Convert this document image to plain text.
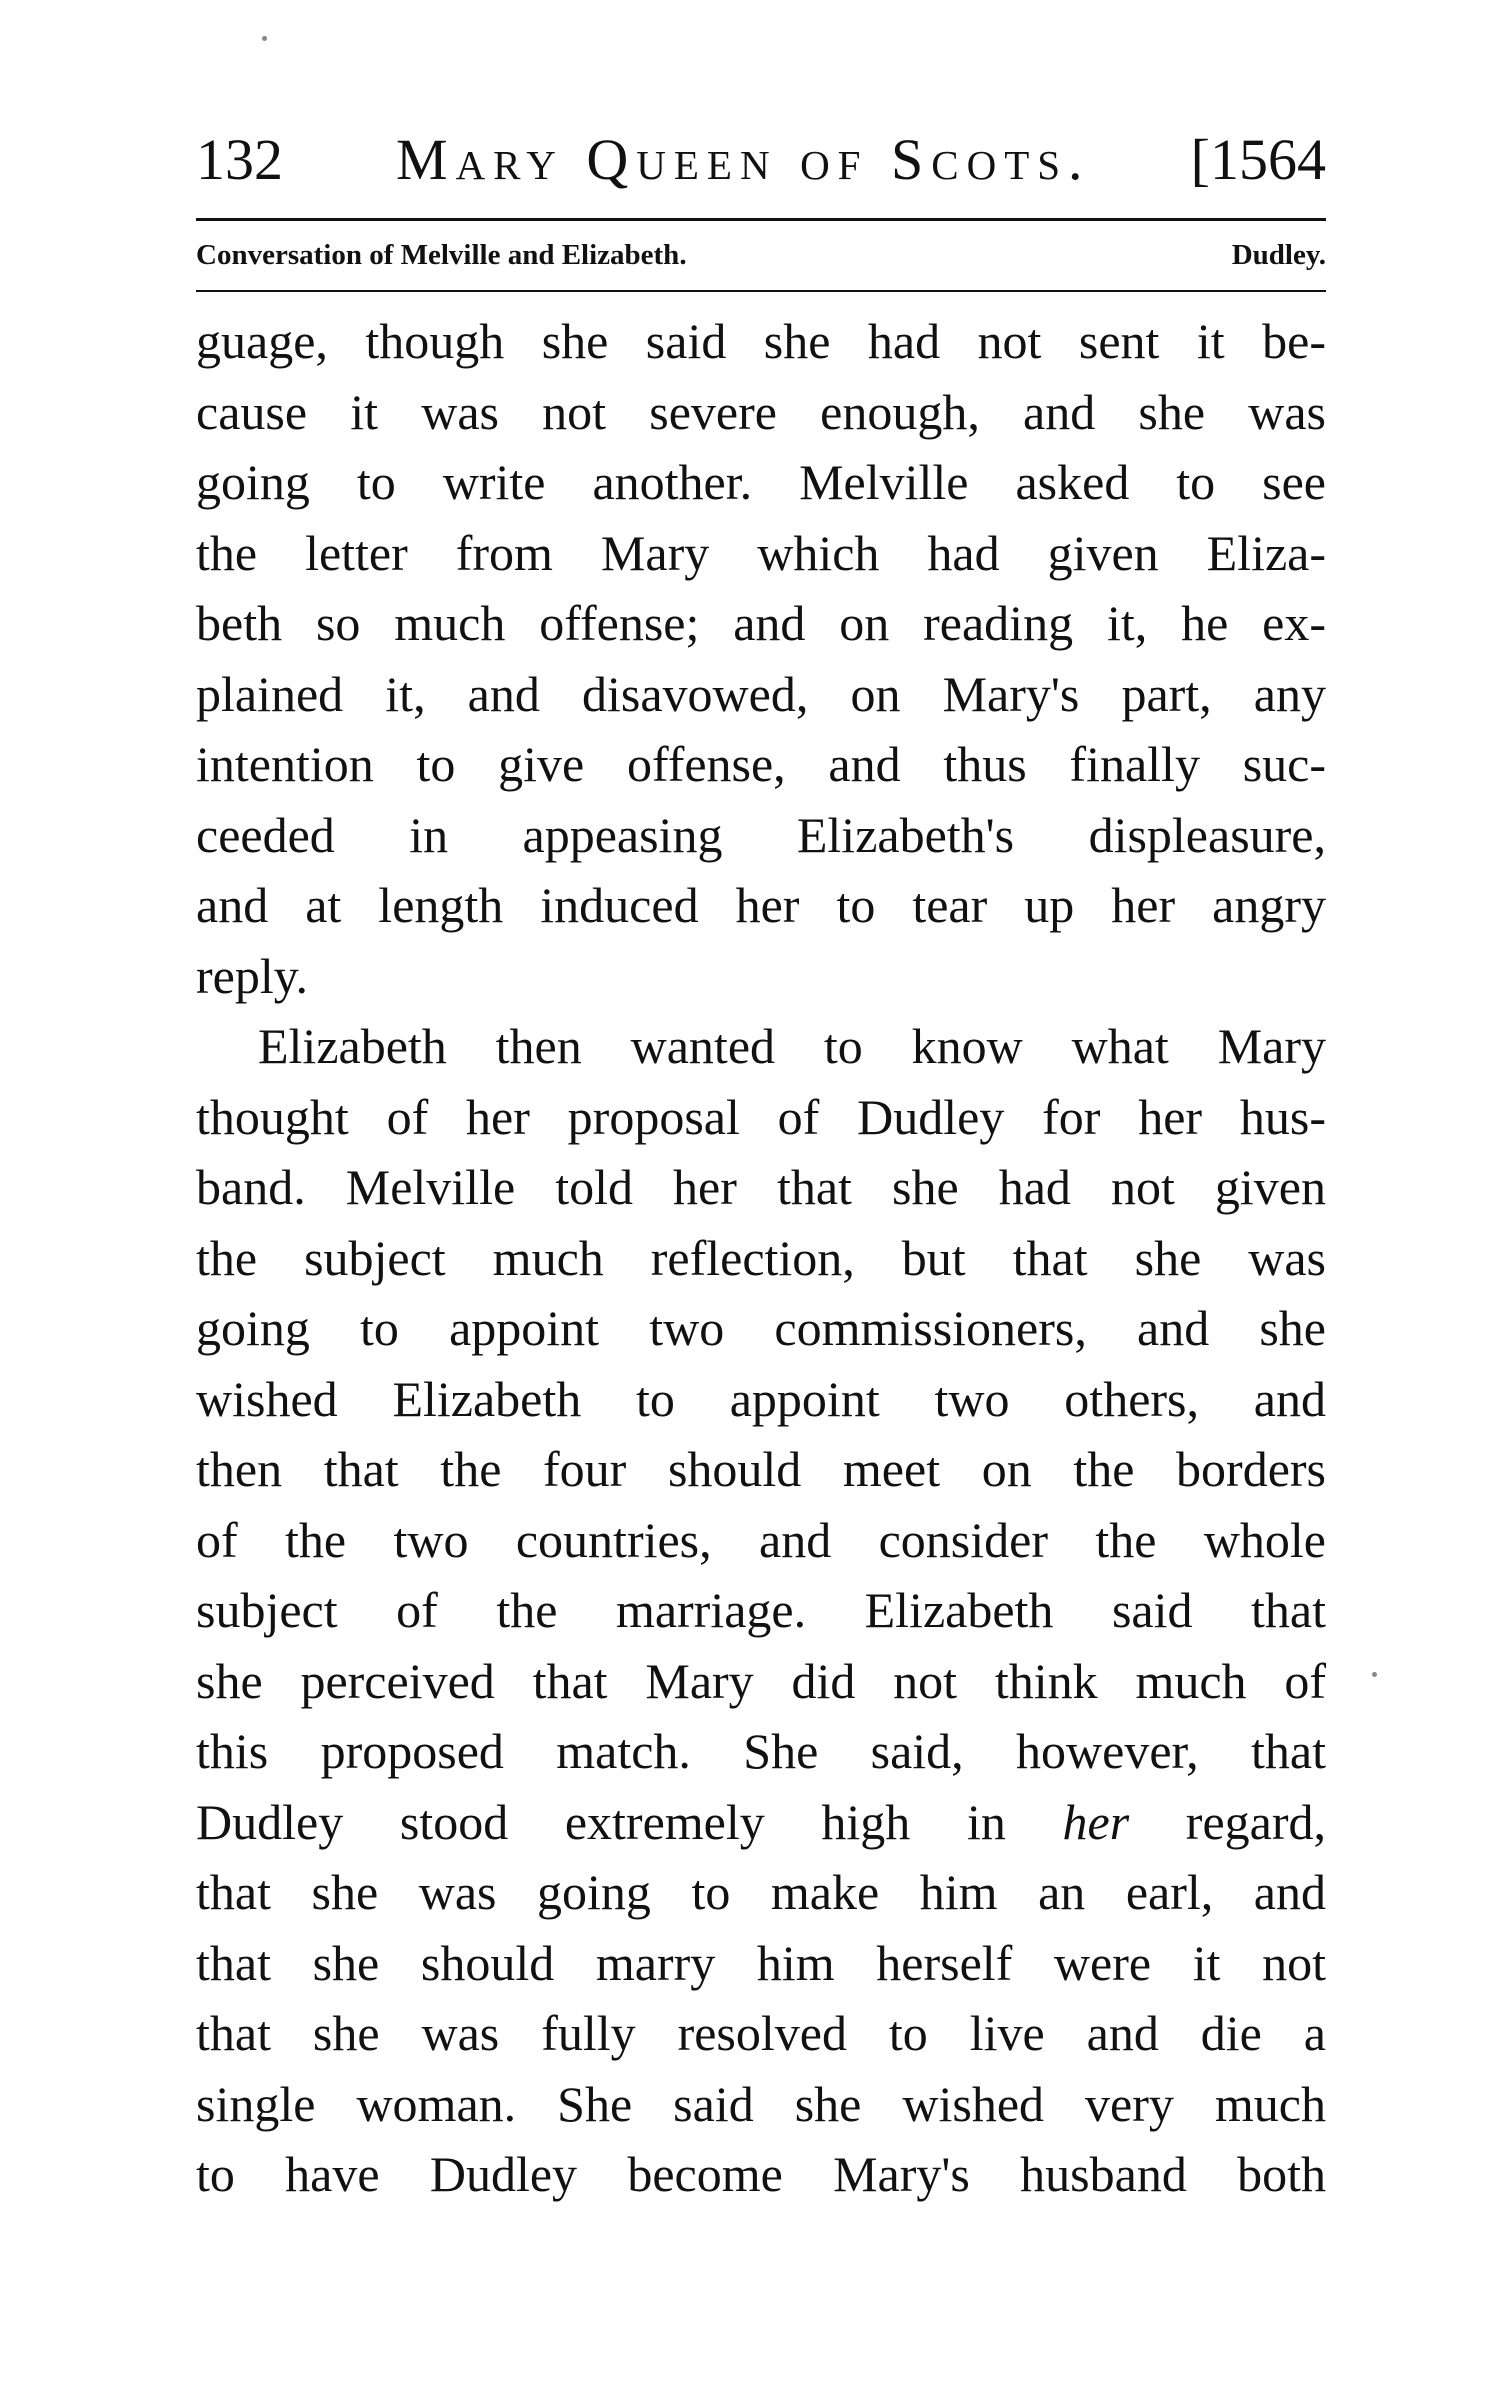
132 Mary Queen of Scots. [1564
Conversation of Melville and Elizabeth.	Dudley.
guage, though she said she had not sent it be-
cause it was not severe enough, and she was
going to write another. Melville asked to see
the letter from Mary which had given Eliza-
beth so much offense; and on reading it, he ex-
plained it, and disavowed, on Mary's part, any
intention to give offense, and thus finally suc-
ceeded in appeasing Elizabeth's displeasure,
and at length induced her to tear up her angry
reply.
Elizabeth then wanted to know what Mary
thought of her proposal of Dudley for her hus-
band. Melville told her that she had not given
the subject much reflection, but that she was
going to appoint two commissioners, and she
wished Elizabeth to appoint two others, and
then that the four should meet on the borders
of the two countries, and consider the whole
subject of the marriage. Elizabeth said that
she perceived that Mary did not think much of
this proposed match. She said, however, that
Dudley stood extremely high in her regard,
that she was going to make him an earl, and
that she should marry him herself were it not
that she was fully resolved to live and die a
single woman. She said she wished very much
to have Dudley become Mary's husband both
